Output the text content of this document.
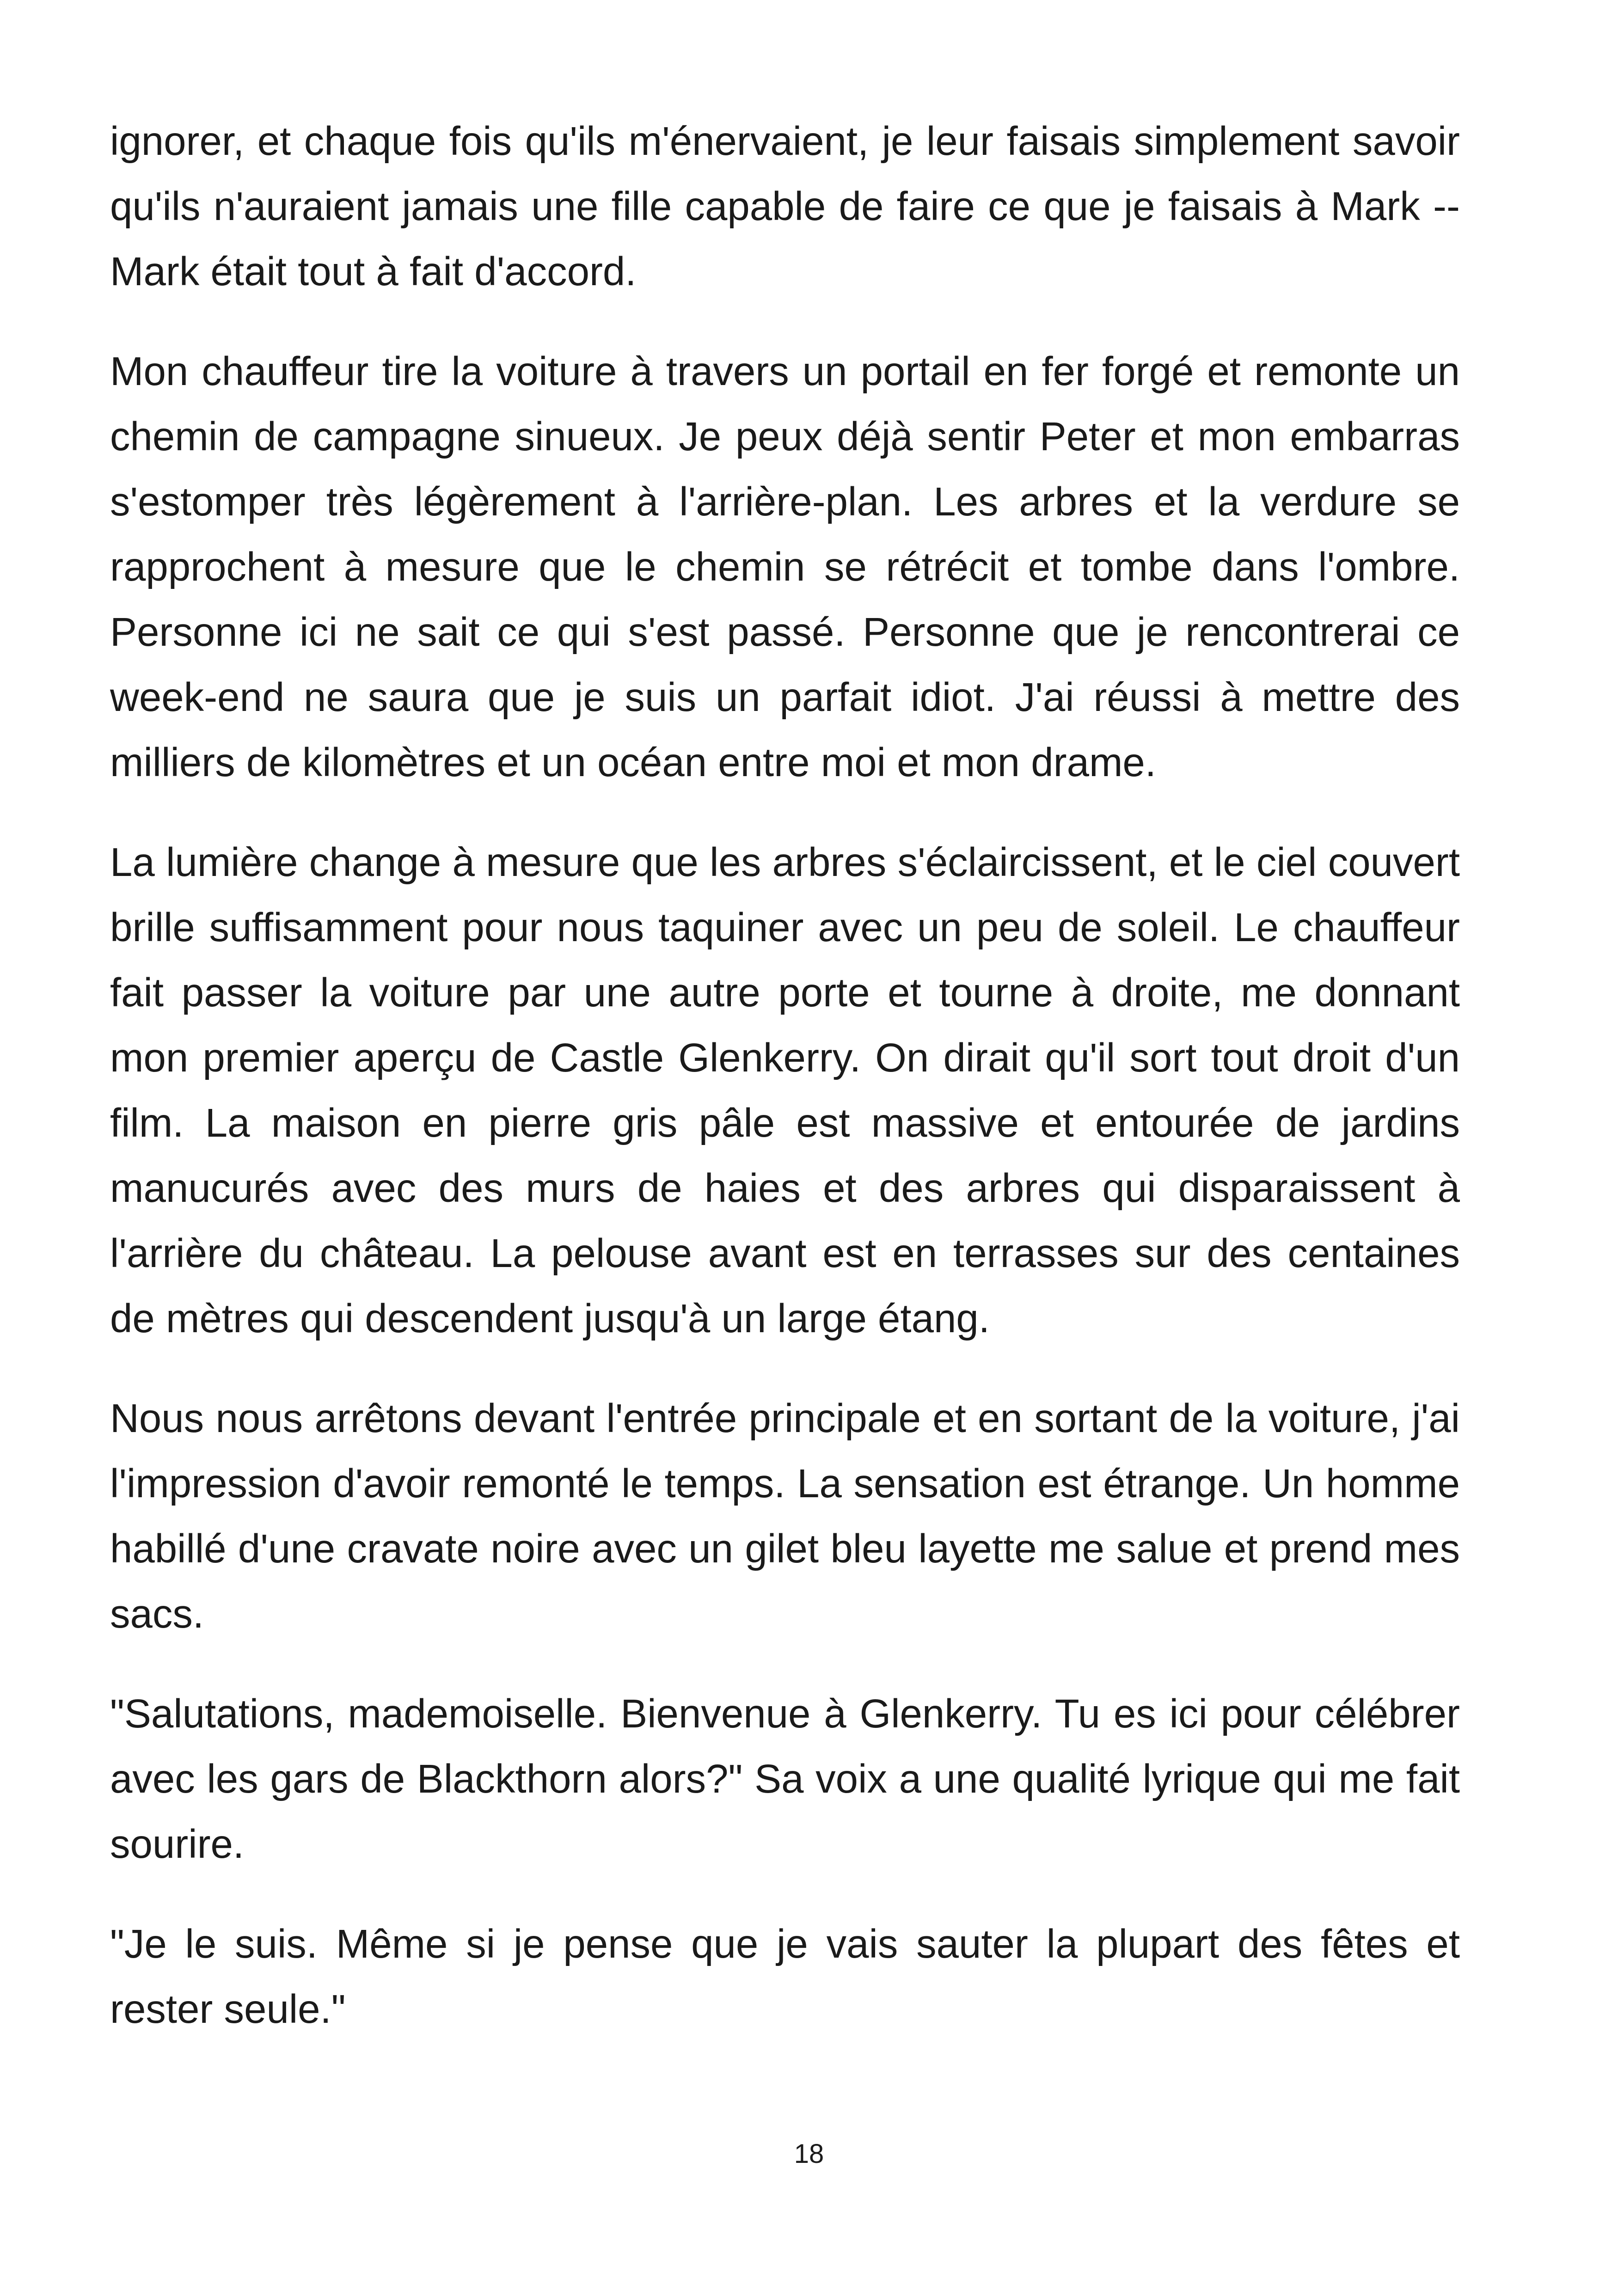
ignorer, et chaque fois qu'ils m'énervaient, je leur faisais simplement savoir qu'ils n'auraient jamais une fille capable de faire ce que je faisais à Mark -- Mark était tout à fait d'accord.

Mon chauffeur tire la voiture à travers un portail en fer forgé et remonte un chemin de campagne sinueux. Je peux déjà sentir Peter et mon embarras s'estomper très légèrement à l'arrière-plan. Les arbres et la verdure se rapprochent à mesure que le chemin se rétrécit et tombe dans l'ombre. Personne ici ne sait ce qui s'est passé. Personne que je rencontrerai ce week-end ne saura que je suis un parfait idiot. J'ai réussi à mettre des milliers de kilomètres et un océan entre moi et mon drame.

La lumière change à mesure que les arbres s'éclaircissent, et le ciel couvert brille suffisamment pour nous taquiner avec un peu de soleil. Le chauffeur fait passer la voiture par une autre porte et tourne à droite, me donnant mon premier aperçu de Castle Glenkerry. On dirait qu'il sort tout droit d'un film. La maison en pierre gris pâle est massive et entourée de jardins manucurés avec des murs de haies et des arbres qui disparaissent à l'arrière du château. La pelouse avant est en terrasses sur des centaines de mètres qui descendent jusqu'à un large étang.

Nous nous arrêtons devant l'entrée principale et en sortant de la voiture, j'ai l'impression d'avoir remonté le temps. La sensation est étrange. Un homme habillé d'une cravate noire avec un gilet bleu layette me salue et prend mes sacs.

"Salutations, mademoiselle. Bienvenue à Glenkerry. Tu es ici pour célébrer avec les gars de Blackthorn alors?" Sa voix a une qualité lyrique qui me fait sourire.

"Je le suis. Même si je pense que je vais sauter la plupart des fêtes et rester seule."

18
